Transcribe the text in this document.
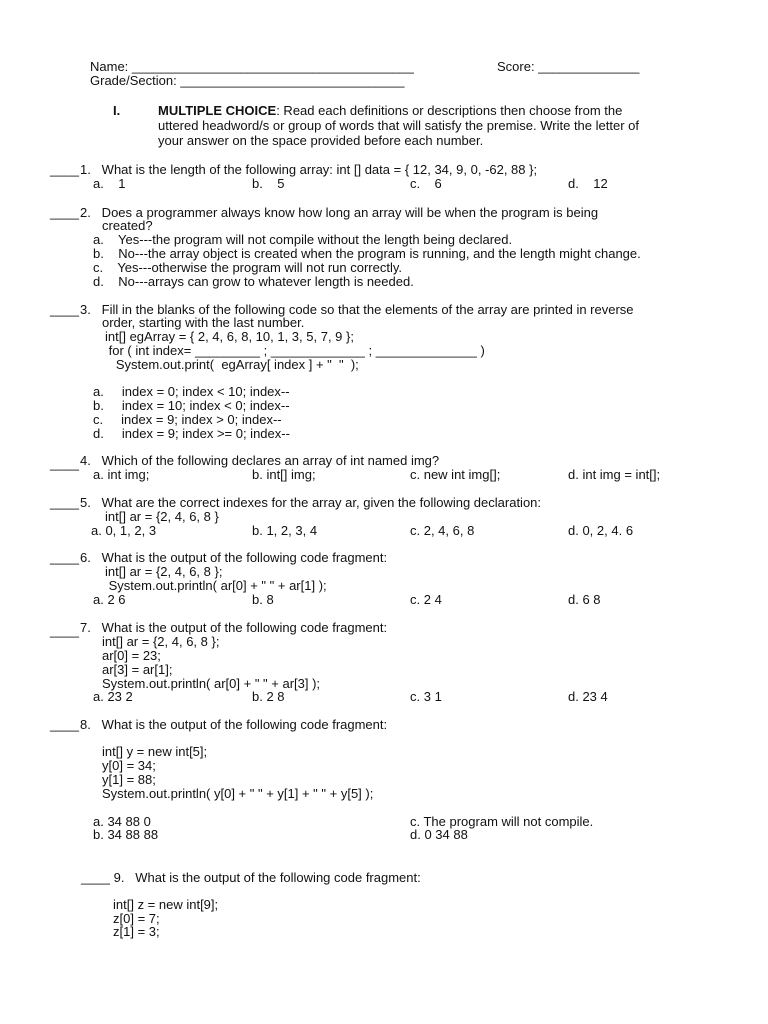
Name: _______________________________________	Score: ______________
Grade/Section: _______________________________
I.	MULTIPLE CHOICE: Read each definitions or descriptions then choose from the
uttered headword/s or group of words that will satisfy the premise. Write the letter of
your answer on the space provided before each number.
____ 1.   What is the length of the following array: int [] data = { 12, 34, 9, 0, -62, 88 };
a.    1	b.    5	c.    6	d.    12
____ 2.   Does a programmer always know how long an array will be when the program is being
created?
a.    Yes---the program will not compile without the length being declared.
b.    No---the array object is created when the program is running, and the length might change.
c.    Yes---otherwise the program will not run correctly.
d.    No---arrays can grow to whatever length is needed.
____ 3.   Fill in the blanks of the following code so that the elements of the array are printed in reverse
order, starting with the last number.
int[] egArray = { 2, 4, 6, 8, 10, 1, 3, 5, 7, 9 };
for ( int index= _________ ; _____________ ; ______________ )
System.out.print(  egArray[ index ] + "  "  );
a.     index = 0; index < 10; index--
b.     index = 10; index < 0; index--
c.     index = 9; index > 0; index--
d.     index = 9; index >= 0; index--
____ 4.   Which of the following declares an array of int named img?
a. int img;	b. int[] img;	c. new int img[];	d. int img = int[];
____ 5.   What are the correct indexes for the array ar, given the following declaration:
int[] ar = {2, 4, 6, 8 }
a. 0, 1, 2, 3	b. 1, 2, 3, 4	c. 2, 4, 6, 8	d. 0, 2, 4. 6
____ 6.   What is the output of the following code fragment:
int[] ar = {2, 4, 6, 8 };
System.out.println( ar[0] + " " + ar[1] );
a. 2 6	b. 8	c. 2 4	d. 6 8
____ 7.   What is the output of the following code fragment:
int[] ar = {2, 4, 6, 8 };
ar[0] = 23;
ar[3] = ar[1];
System.out.println( ar[0] + " " + ar[3] );
a. 23 2	b. 2 8	c. 3 1	d. 23 4
____ 8.   What is the output of the following code fragment:
int[] y = new int[5];
y[0] = 34;
y[1] = 88;
System.out.println( y[0] + " " + y[1] + " " + y[5] );
a. 34 88 0
b. 34 88 88
c. The program will not compile.
d. 0 34 88
____ 9.   What is the output of the following code fragment:
int[] z = new int[9];
z[0] = 7;
z[1] = 3;
